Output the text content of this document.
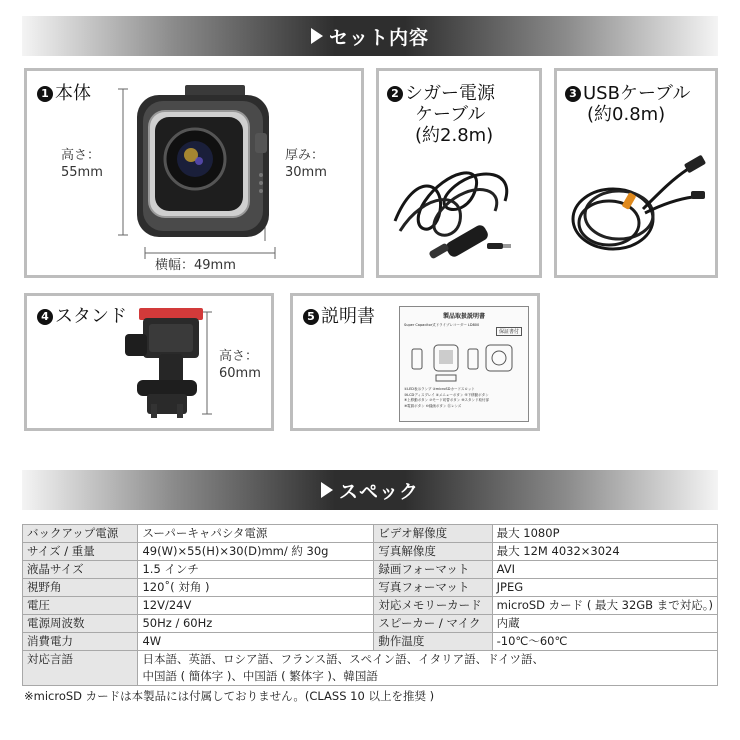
セット内容
1 本体
高さ：
55mm
厚み：
30mm
横幅：49mm
2 シガー電源
ケーブル
(約2.8m)
3 USBケーブル
(約0.8m)
4 スタンド
高さ：
60mm
5 説明書	製品取扱説明書
Super Capacitor式ドライブレコーダー LD800
保証書付
①LED表示ランプ ②microSDカードスロット
③LCDディスプレイ ④メニューボタン ⑤下移動ボタン
⑥上移動ボタン ⑦モード切替ボタン ⑧スタンド取付部
⑨電源ボタン ⑩録画ボタン ⑪レンズ
スペック
バックアップ電源	スーパーキャパシタ電源	ビデオ解像度	最大 1080P
サイズ / 重量	49(W)×55(H)×30(D)mm/ 約 30g	写真解像度	最大 12M 4032×3024
液晶サイズ	1.5 インチ	録画フォーマット	AVI
視野角	120˚( 対角 )	写真フォーマット	JPEG
電圧	12V/24V	対応メモリーカード	microSD カード ( 最大 32GB まで対応。)
電源周波数	50Hz / 60Hz	スピーカー / マイク	内蔵
消費電力	4W	動作温度	-10℃～60℃
対応言語	日本語、英語、ロシア語、フランス語、スペイン語、イタリア語、ドイツ語、
中国語 ( 簡体字 )、中国語 ( 繁体字 )、韓国語		
※microSD カードは本製品には付属しておりません。(CLASS 10 以上を推奨 )
